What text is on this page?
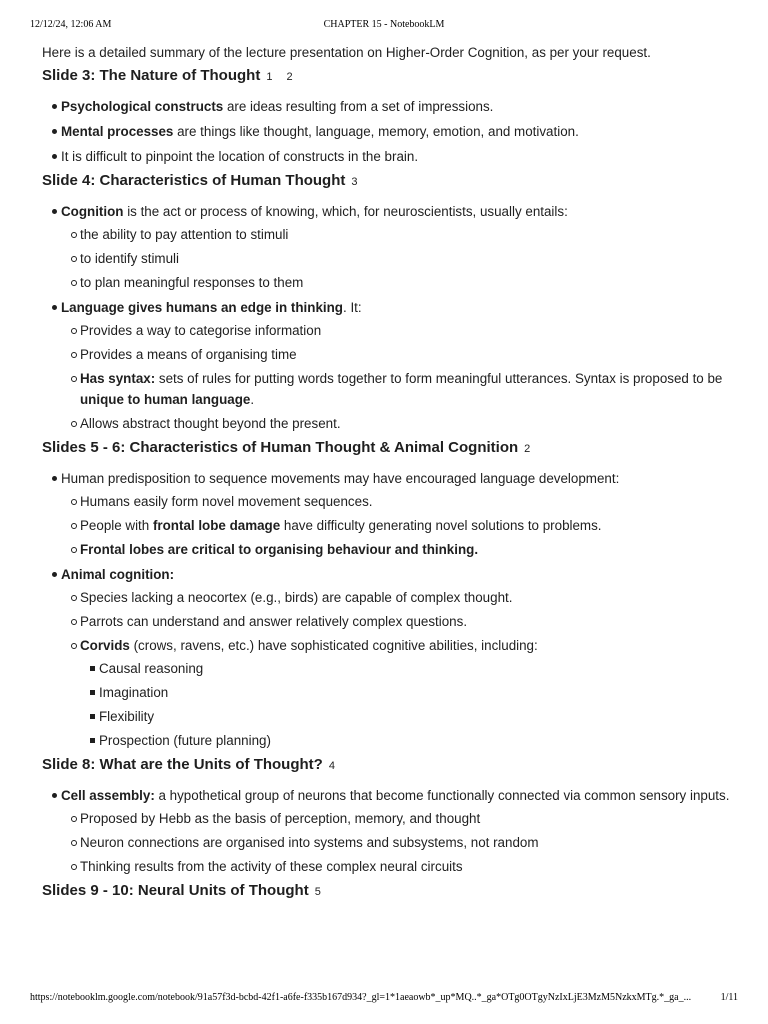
12/12/24, 12:06 AM	CHAPTER 15 - NotebookLM

Here is a detailed summary of the lecture presentation on Higher-Order Cognition, as per your request.

Slide 3: The Nature of Thought 1 2
Psychological constructs are ideas resulting from a set of impressions.
Mental processes are things like thought, language, memory, emotion, and motivation.
It is difficult to pinpoint the location of constructs in the brain.
Slide 4: Characteristics of Human Thought 3
Cognition is the act or process of knowing, which, for neuroscientists, usually entails:
the ability to pay attention to stimuli
to identify stimuli
to plan meaningful responses to them
Language gives humans an edge in thinking. It:
Provides a way to categorise information
Provides a means of organising time
Has syntax: sets of rules for putting words together to form meaningful utterances. Syntax is proposed to be unique to human language.
Allows abstract thought beyond the present.
Slides 5 - 6: Characteristics of Human Thought & Animal Cognition 2
Human predisposition to sequence movements may have encouraged language development:
Humans easily form novel movement sequences.
People with frontal lobe damage have difficulty generating novel solutions to problems.
Frontal lobes are critical to organising behaviour and thinking.
Animal cognition:
Species lacking a neocortex (e.g., birds) are capable of complex thought.
Parrots can understand and answer relatively complex questions.
Corvids (crows, ravens, etc.) have sophisticated cognitive abilities, including:
Causal reasoning
Imagination
Flexibility
Prospection (future planning)
Slide 8: What are the Units of Thought? 4
Cell assembly: a hypothetical group of neurons that become functionally connected via common sensory inputs.
Proposed by Hebb as the basis of perception, memory, and thought
Neuron connections are organised into systems and subsystems, not random
Thinking results from the activity of these complex neural circuits
Slides 9 - 10: Neural Units of Thought 5
https://notebooklm.google.com/notebook/91a57f3d-bcbd-42f1-a6fe-f335b167d934?_gl=1*1aeaowb*_up*MQ..*_ga*OTg0OTgyNzIxLjE3MzM5NzkxMTg.*_ga_...	1/11
